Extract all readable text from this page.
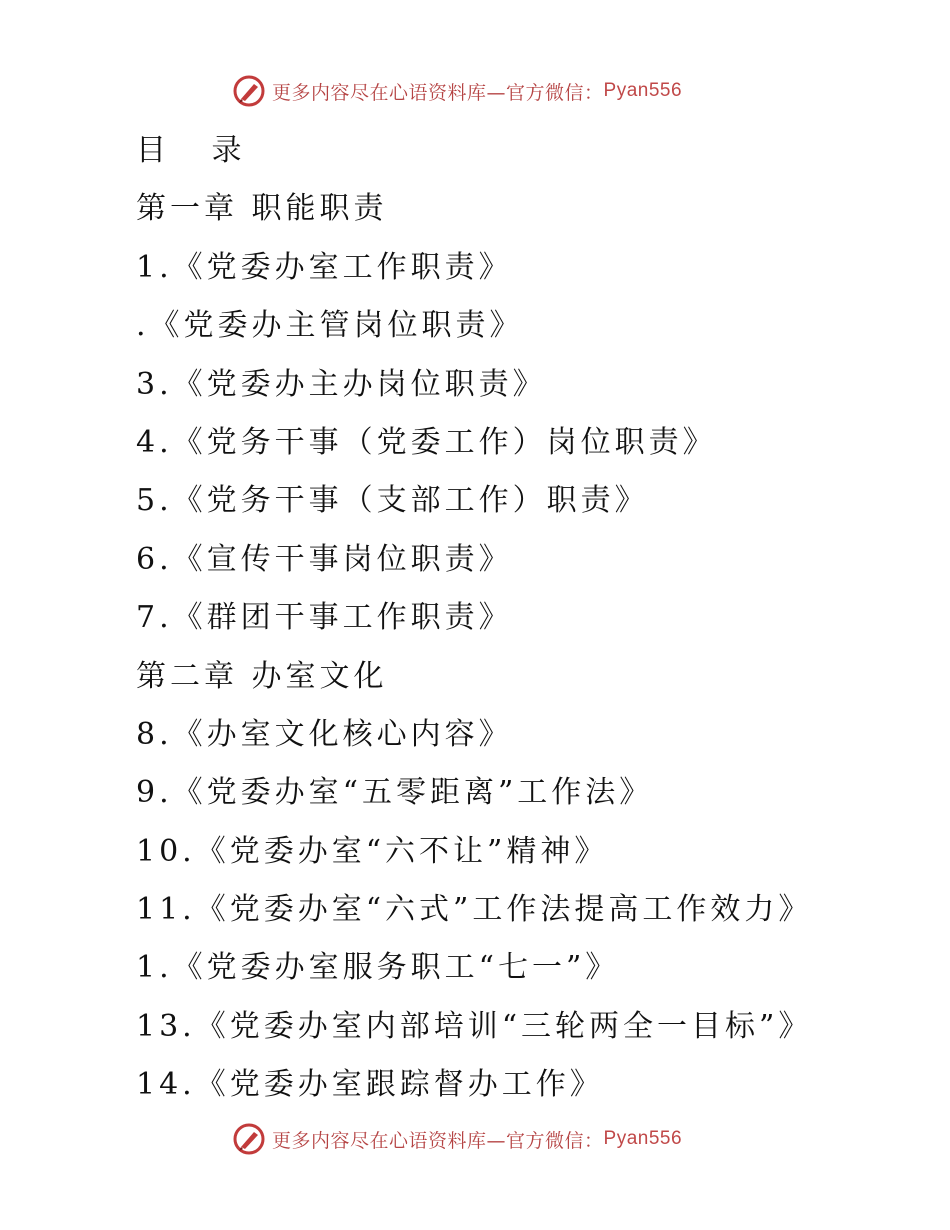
更多内容尽在心语资料库—官方微信： Pyan556
目 录
第一章 职能职责
1.《党委办室工作职责》
.《党委办主管岗位职责》
3.《党委办主办岗位职责》
4.《党务干事（党委工作）岗位职责》
5.《党务干事（支部工作）职责》
6.《宣传干事岗位职责》
7.《群团干事工作职责》
第二章 办室文化
8.《办室文化核心内容》
9.《党委办室“五零距离”工作法》
10.《党委办室“六不让”精神》
11.《党委办室“六式”工作法提高工作效力》
1.《党委办室服务职工“七一”》
13.《党委办室内部培训“三轮两全一目标”》
14.《党委办室跟踪督办工作》
更多内容尽在心语资料库—官方微信： Pyan556
